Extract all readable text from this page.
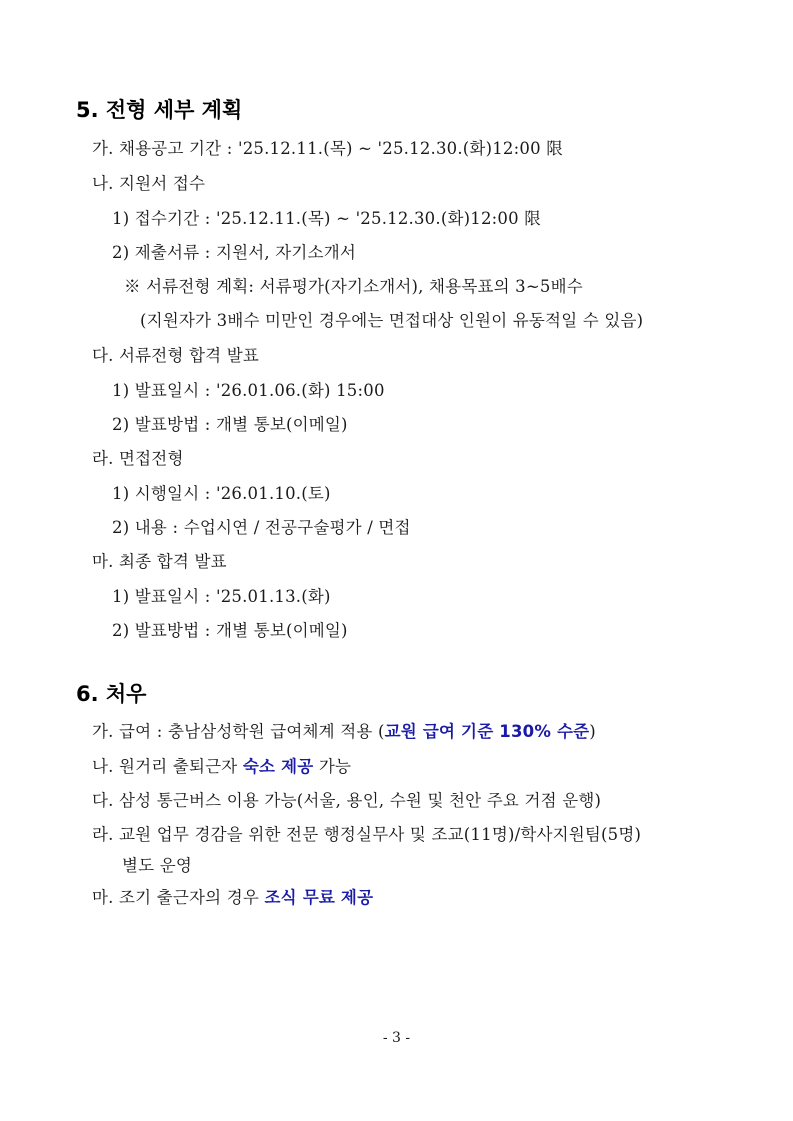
5. 전형 세부 계획
가. 채용공고 기간 : '25.12.11.(목) ~ '25.12.30.(화)12:00 限
나. 지원서 접수
1) 접수기간 : '25.12.11.(목) ~ '25.12.30.(화)12:00 限
2) 제출서류 : 지원서, 자기소개서
※ 서류전형 계획: 서류평가(자기소개서), 채용목표의 3~5배수
(지원자가 3배수 미만인 경우에는 면접대상 인원이 유동적일 수 있음)
다. 서류전형 합격 발표
1) 발표일시 : '26.01.06.(화) 15:00
2) 발표방법 : 개별 통보(이메일)
라. 면접전형
1) 시행일시 : '26.01.10.(토)
2) 내용 : 수업시연 / 전공구술평가 / 면접
마. 최종 합격 발표
1) 발표일시 : '25.01.13.(화)
2) 발표방법 : 개별 통보(이메일)
6. 처우
가. 급여 : 충남삼성학원 급여체계 적용 (교원 급여 기준 130% 수준)
나. 원거리 출퇴근자 숙소 제공 가능
다. 삼성 통근버스 이용 가능(서울, 용인, 수원 및 천안 주요 거점 운행)
라. 교원 업무 경감을 위한 전문 행정실무사 및 조교(11명)/학사지원팀(5명)
별도 운영
마. 조기 출근자의 경우 조식 무료 제공
- 3 -
